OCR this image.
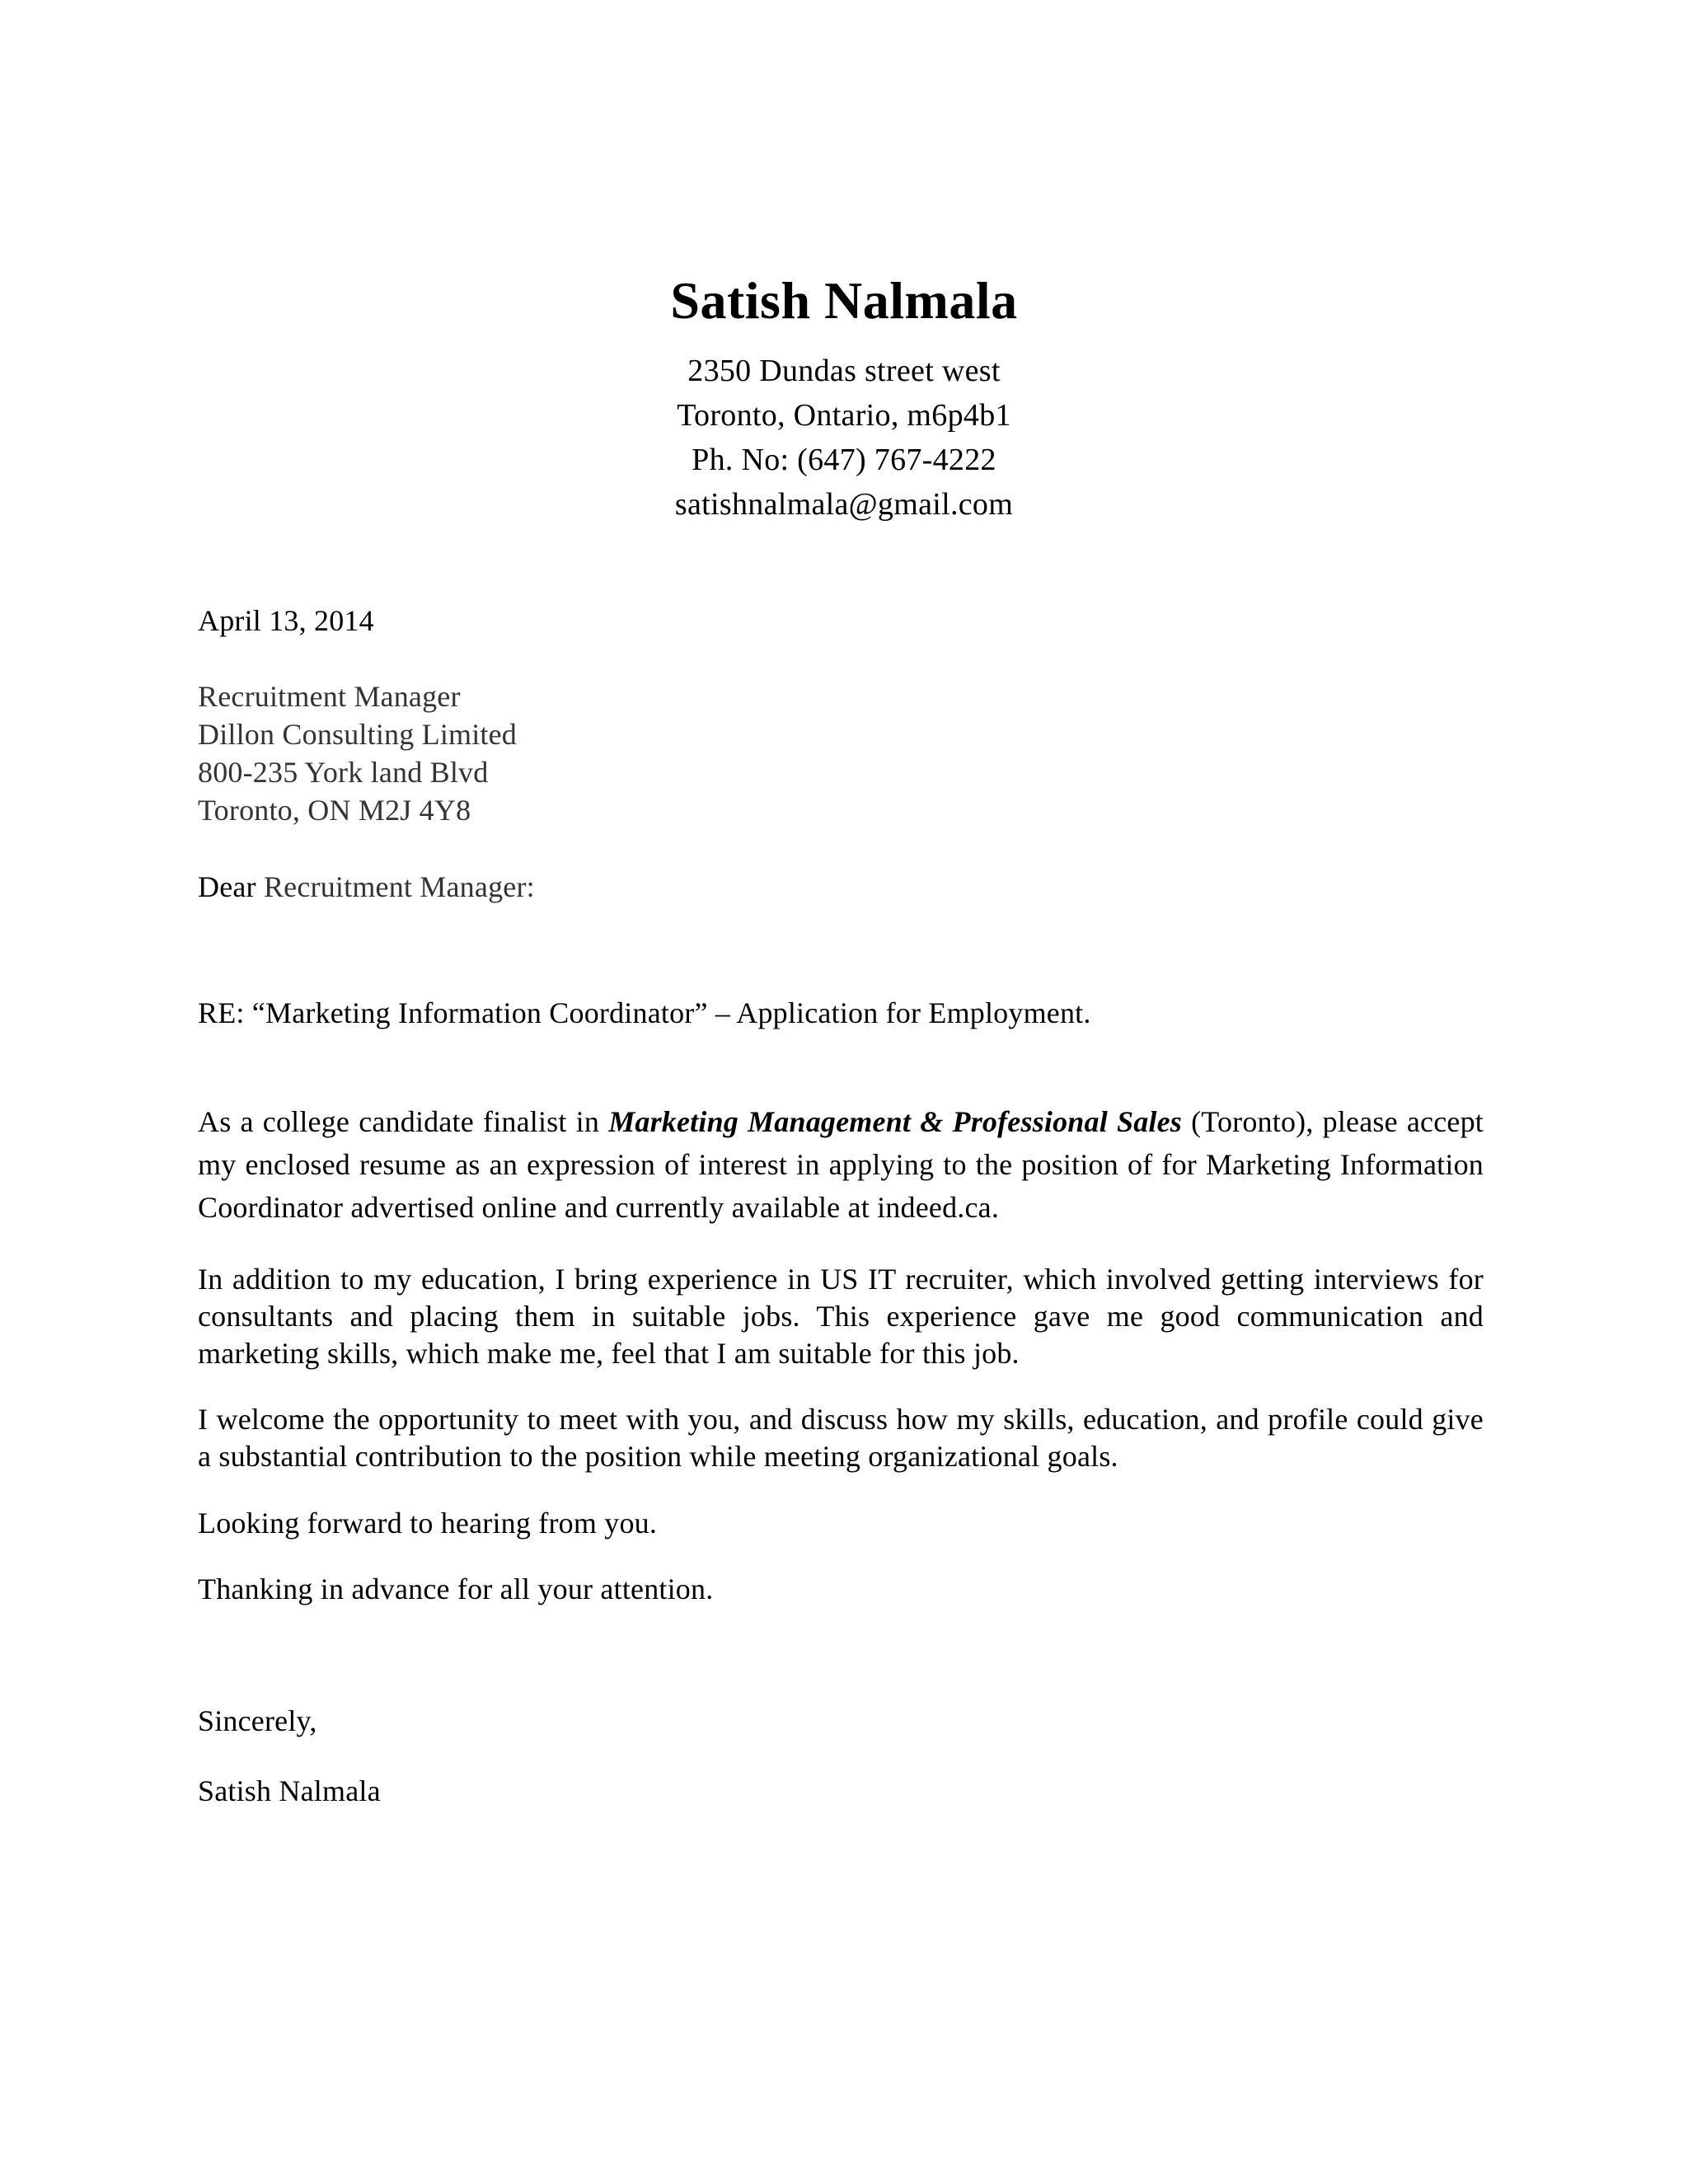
Satish Nalmala

2350 Dundas street west

Toronto, Ontario, m6p4b1

Ph. No: (647) 767-4222

satishnalmala@gmail.com

April 13, 2014
Recruitment Manager
Dillon Consulting Limited
800-235 York land Blvd
Toronto, ON M2J 4Y8
Dear Recruitment Manager:
RE: “Marketing Information Coordinator” – Application for Employment.
As a college candidate finalist in Marketing Management & Professional Sales (Toronto), please accept my enclosed resume as an expression of interest in applying to the position of for Marketing Information Coordinator advertised online and currently available at indeed.ca.
In addition to my education, I bring experience in US IT recruiter, which involved getting interviews for consultants and placing them in suitable jobs. This experience gave me good communication and marketing skills, which make me, feel that I am suitable for this job.
I welcome the opportunity to meet with you, and discuss how my skills, education, and profile could give a substantial contribution to the position while meeting organizational goals.
Looking forward to hearing from you.
Thanking in advance for all your attention.
Sincerely,
Satish Nalmala
